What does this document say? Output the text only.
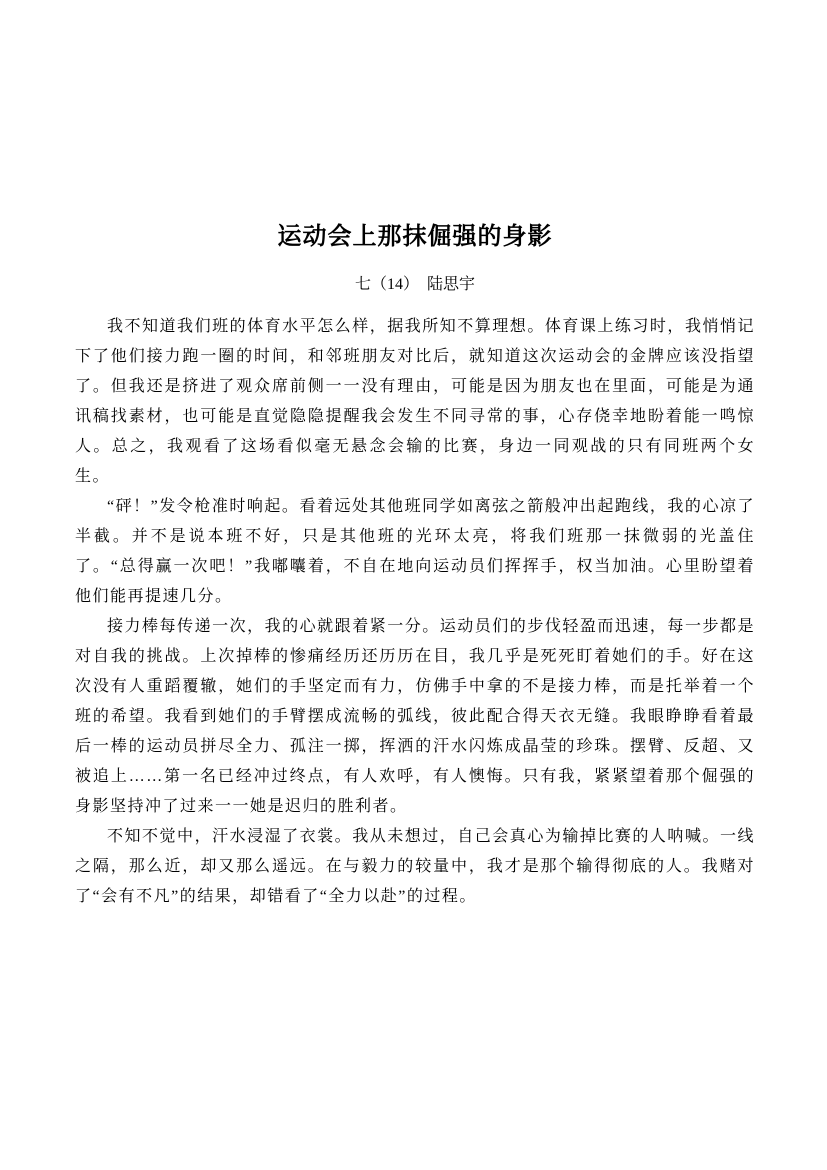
运动会上那抹倔强的身影
七（14）　陆思宇

我不知道我们班的体育水平怎么样，据我所知不算理想。体育课上练习时，我悄悄记下了他们接力跑一圈的时间，和邻班朋友对比后，就知道这次运动会的金牌应该没指望了。但我还是挤进了观众席前侧一一没有理由，可能是因为朋友也在里面，可能是为通讯稿找素材，也可能是直觉隐隐提醒我会发生不同寻常的事，心存侥幸地盼着能一鸣惊人。总之，我观看了这场看似毫无悬念会输的比赛，身边一同观战的只有同班两个女生。

“砰！”发令枪准时响起。看着远处其他班同学如离弦之箭般冲出起跑线，我的心凉了半截。并不是说本班不好，只是其他班的光环太亮，将我们班那一抹微弱的光盖住了。“总得赢一次吧！”我嘟囔着，不自在地向运动员们挥挥手，权当加油。心里盼望着他们能再提速几分。

接力棒每传递一次，我的心就跟着紧一分。运动员们的步伐轻盈而迅速，每一步都是对自我的挑战。上次掉棒的惨痛经历还历历在目，我几乎是死死盯着她们的手。好在这次没有人重蹈覆辙，她们的手坚定而有力，仿佛手中拿的不是接力棒，而是托举着一个班的希望。我看到她们的手臂摆成流畅的弧线，彼此配合得天衣无缝。我眼睁睁看着最后一棒的运动员拼尽全力、孤注一掷，挥洒的汗水闪炼成晶莹的珍珠。摆臂、反超、又被追上……第一名已经冲过终点，有人欢呼，有人懊悔。只有我，紧紧望着那个倔强的身影坚持冲了过来一一她是迟归的胜利者。

不知不觉中，汗水浸湿了衣裳。我从未想过，自己会真心为输掉比赛的人呐喊。一线之隔，那么近，却又那么遥远。在与毅力的较量中，我才是那个输得彻底的人。我赌对了“会有不凡”的结果，却错看了“全力以赴”的过程。
